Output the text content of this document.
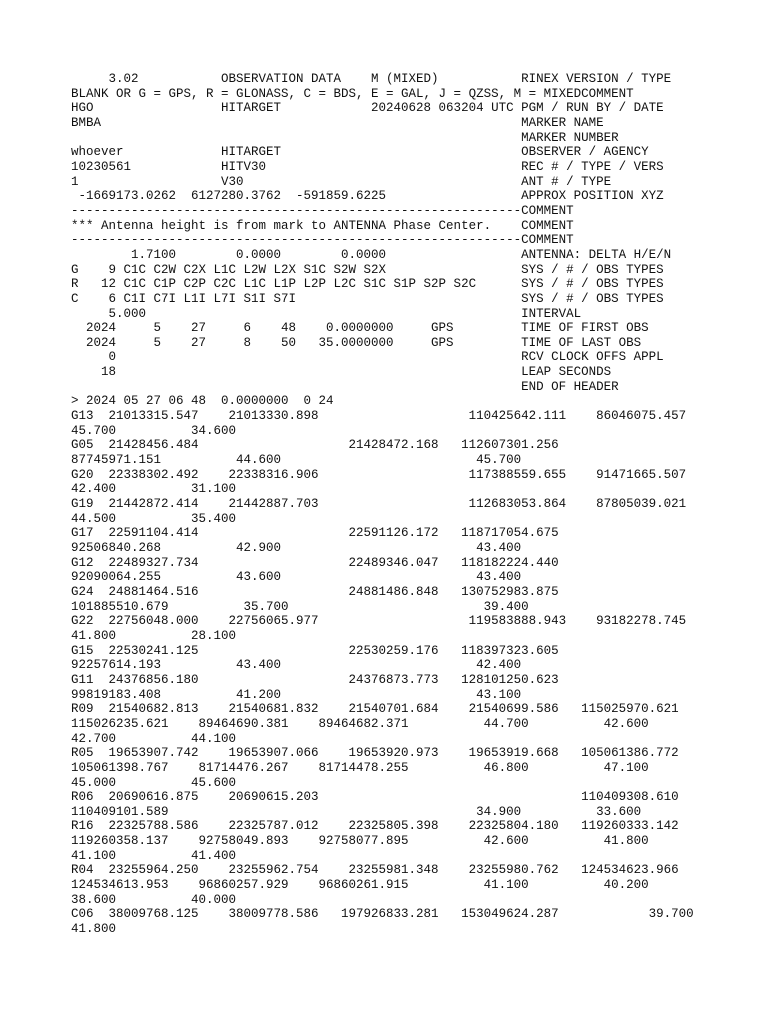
3.02           OBSERVATION DATA    M (MIXED)           RINEX VERSION / TYPE
BLANK OR G = GPS, R = GLONASS, C = BDS, E = GAL, J = QZSS, M = MIXEDCOMMENT
HGO                 HITARGET            20240628 063204 UTC PGM / RUN BY / DATE
BMBA                                                        MARKER NAME
MARKER NUMBER
whoever             HITARGET                                OBSERVER / AGENCY
10230561            HITV30                                  REC # / TYPE / VERS
1                   V30                                     ANT # / TYPE
-1669173.0262  6127280.3762  -591859.6225                  APPROX POSITION XYZ
------------------------------------------------------------COMMENT
*** Antenna height is from mark to ANTENNA Phase Center.    COMMENT
------------------------------------------------------------COMMENT
1.7100        0.0000        0.0000                  ANTENNA: DELTA H/E/N
G    9 C1C C2W C2X L1C L2W L2X S1C S2W S2X                  SYS / # / OBS TYPES
R   12 C1C C1P C2P C2C L1C L1P L2P L2C S1C S1P S2P S2C      SYS / # / OBS TYPES
C    6 C1I C7I L1I L7I S1I S7I                              SYS / # / OBS TYPES
5.000                                                  INTERVAL
2024     5    27     6    48    0.0000000     GPS         TIME OF FIRST OBS
2024     5    27     8    50   35.0000000     GPS         TIME OF LAST OBS
0                                                      RCV CLOCK OFFS APPL
18                                                      LEAP SECONDS
END OF HEADER
> 2024 05 27 06 48  0.0000000  0 24
G13  21013315.547    21013330.898                    110425642.111    86046075.457
45.700          34.600
G05  21428456.484                    21428472.168   112607301.256
87745971.151          44.600                          45.700
G20  22338302.492    22338316.906                    117388559.655    91471665.507
42.400          31.100
G19  21442872.414    21442887.703                    112683053.864    87805039.021
44.500          35.400
G17  22591104.414                    22591126.172   118717054.675
92506840.268          42.900                          43.400
G12  22489327.734                    22489346.047   118182224.440
92090064.255          43.600                          43.400
G24  24881464.516                    24881486.848   130752983.875
101885510.679          35.700                          39.400
G22  22756048.000    22756065.977                    119583888.943    93182278.745
41.800          28.100
G15  22530241.125                    22530259.176   118397323.605
92257614.193          43.400                          42.400
G11  24376856.180                    24376873.773   128101250.623
99819183.408          41.200                          43.100
R09  21540682.813    21540681.832    21540701.684    21540699.586   115025970.621
115026235.621    89464690.381    89464682.371          44.700          42.600
42.700          44.100
R05  19653907.742    19653907.066    19653920.973    19653919.668   105061386.772
105061398.767    81714476.267    81714478.255          46.800          47.100
45.000          45.600
R06  20690616.875    20690615.203                                   110409308.610
110409101.589                                         34.900          33.600
R16  22325788.586    22325787.012    22325805.398    22325804.180   119260333.142
119260358.137    92758049.893    92758077.895          42.600          41.800
41.100          41.400
R04  23255964.250    23255962.754    23255981.348    23255980.762   124534623.966
124534613.953    96860257.929    96860261.915          41.100          40.200
38.600          40.000
C06  38009768.125    38009778.586   197926833.281   153049624.287            39.700
41.800
